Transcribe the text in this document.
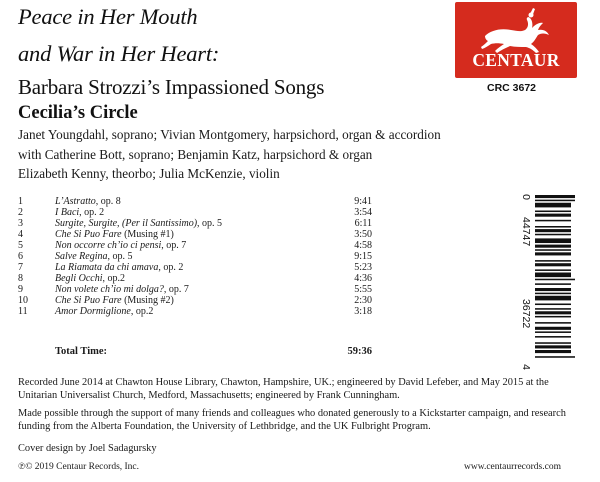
Peace in Her Mouth
and War in Her Heart:
Barbara Strozzi’s Impassioned Songs
Cecilia’s Circle
Janet Youngdahl, soprano; Vivian Montgomery, harpsichord, organ & accordion
with Catherine Bott, soprano; Benjamin Katz, harpsichord & organ
Elizabeth Kenny, theorbo; Julia McKenzie, violin
CENTAUR
CRC 3672
1	L’Astratto, op. 8	9:41
2	I Baci, op. 2	3:54
3	Surgite, Surgite, (Per il Santissimo), op. 5	6:11
4	Che Si Puo Fare (Musing #1)	3:50
5	Non occorre ch’io ci pensi, op. 7	4:58
6	Salve Regina, op. 5	9:15
7	La Riamata da chi amava, op. 2	5:23
8	Begli Occhi, op.2	4:36
9	Non volete ch’io mi dolga?, op. 7	5:55
10	Che Si Puo Fare (Musing #2)	2:30
11	Amor Dormiglione, op.2	3:18
Total Time:	59:36
0
44747
36722
4
Recorded June 2014 at Chawton House Library, Chawton, Hampshire, UK.; engineered by David Lefeber, and May 2015 at the Unitarian Universalist Church, Medford, Massachusetts; engineered by Frank Cunningham.
Made possible through the support of many friends and colleagues who donated generously to a Kickstarter campaign, and research funding from the Alberta Foundation, the University of Lethbridge, and the UK Fulbright Program.
Cover design by Joel Sadagursky
℗© 2019 Centaur Records, Inc.	www.centaurrecords.com
